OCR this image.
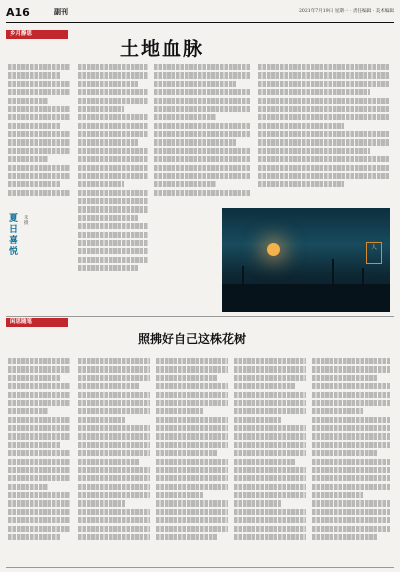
A16	副刊	2021年7月19日 星期一 · 责任编辑 · 美术编辑
乡月静思
土地血脉
夏日喜悦
禾 摄
人
闲思随笔
照拂好自己这株花树
